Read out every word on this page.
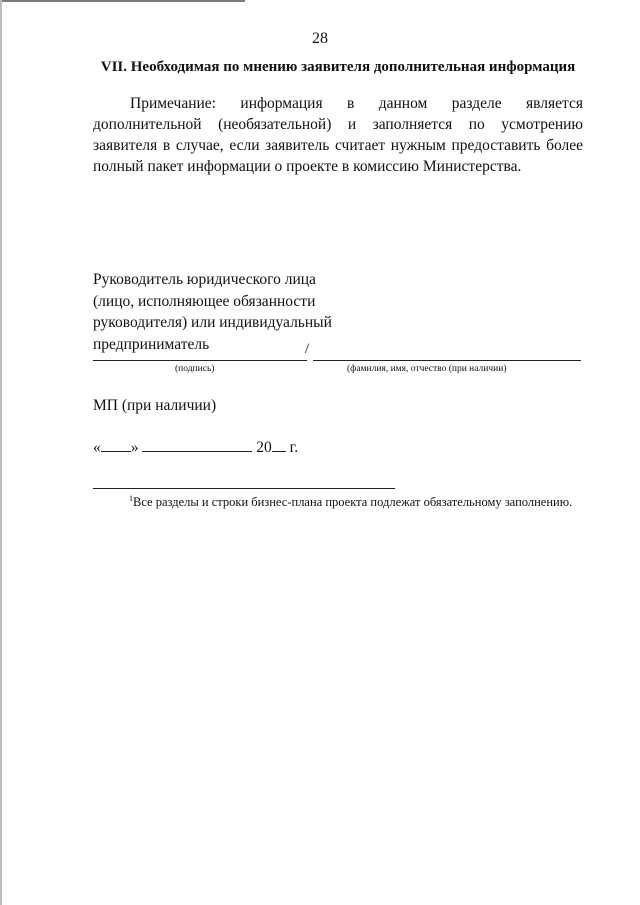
28
VII. Необходимая по мнению заявителя дополнительная информация

Примечание: информация в данном разделе является дополнительной (необязательной) и заполняется по усмотрению заявителя в случае, если заявитель считает нужным предоставить более полный пакет информации о проекте в комиссию Министерства.

Руководитель юридического лица
(лицо, исполняющее обязанности
руководителя) или индивидуальный
предприниматель	/
(подпись)	(фамилия, имя, отчество (при наличии)
МП (при наличии)
« »	20 г.

$^1$Все разделы и строки бизнес-плана проекта подлежат обязательному заполнению.
